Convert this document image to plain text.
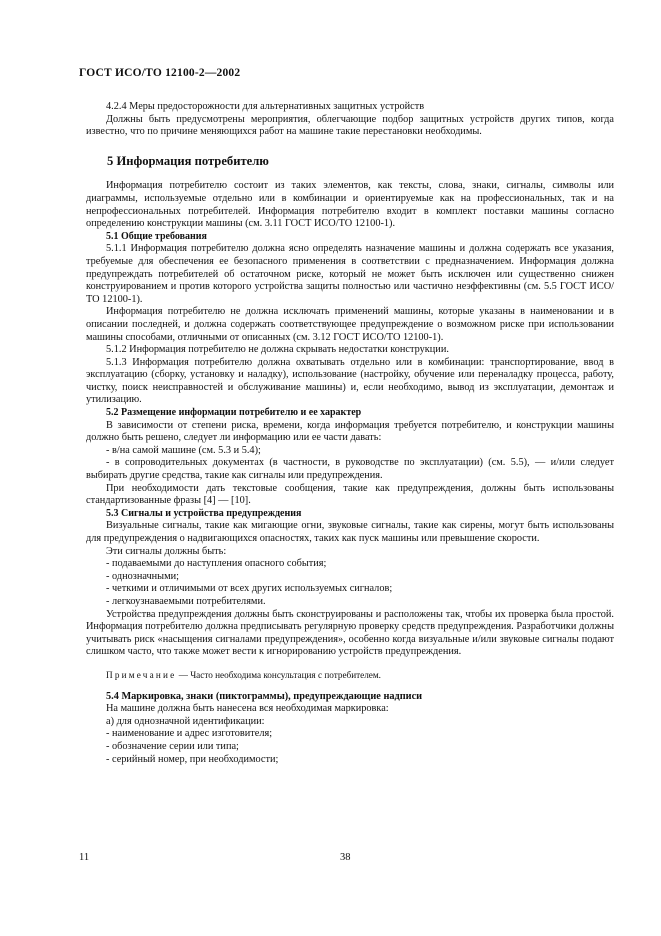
ГОСТ ИСО/ТО 12100-2—2002
4.2.4 Меры предосторожности для альтернативных защитных устройств
Должны быть предусмотрены мероприятия, облегчающие подбор защитных устройств других типов, когда известно, что по причине меняющихся работ на машине такие перестановки необходимы.
5 Информация потребителю
Информация потребителю состоит из таких элементов, как тексты, слова, знаки, сигналы, символы или диаграммы, используемые отдельно или в комбинации и ориентируемые как на профессиональных, так и на непрофессиональных потребителей. Информация потребителю входит в комплект поставки машины согласно определению конструкции машины (см. 3.11 ГОСТ ИСО/ТО 12100-1).
5.1 Общие требования
5.1.1 Информация потребителю должна ясно определять назначение машины и должна содержать все указания, требуемые для обеспечения ее безопасного применения в соответствии с предназначением. Информация должна предупреждать потребителей об остаточном риске, который не может быть исключен или существенно снижен конструированием и против которого устройства защиты полностью или частично неэффективны (см. 5.5 ГОСТ ИСО/ТО 12100-1).
Информация потребителю не должна исключать применений машины, которые указаны в наименовании и в описании последней, и должна содержать соответствующее предупреждение о возможном риске при использовании машины способами, отличными от описанных (см. 3.12 ГОСТ ИСО/ТО 12100-1).
5.1.2 Информация потребителю не должна скрывать недостатки конструкции.
5.1.3 Информация потребителю должна охватывать отдельно или в комбинации: транспортирование, ввод в эксплуатацию (сборку, установку и наладку), использование (настройку, обучение или переналадку процесса, работу, чистку, поиск неисправностей и обслуживание машины) и, если необходимо, вывод из эксплуатации, демонтаж и утилизацию.
5.2 Размещение информации потребителю и ее характер
В зависимости от степени риска, времени, когда информация требуется потребителю, и конструкции машины должно быть решено, следует ли информацию или ее части давать:
- в/на самой машине (см. 5.3 и 5.4);
- в сопроводительных документах (в частности, в руководстве по эксплуатации) (см. 5.5), — и/или следует выбирать другие средства, такие как сигналы или предупреждения.
При необходимости дать текстовые сообщения, такие как предупреждения, должны быть использованы стандартизованные фразы [4] — [10].
5.3 Сигналы и устройства предупреждения
Визуальные сигналы, такие как мигающие огни, звуковые сигналы, такие как сирены, могут быть использованы для предупреждения о надвигающихся опасностях, таких как пуск машины или превышение скорости.
Эти сигналы должны быть:
- подаваемыми до наступления опасного события;
- однозначными;
- четкими и отличимыми от всех других используемых сигналов;
- легкоузнаваемыми потребителями.
Устройства предупреждения должны быть сконструированы и расположены так, чтобы их проверка была простой. Информация потребителю должна предписывать регулярную проверку средств предупреждения. Разработчики должны учитывать риск «насыщения сигналами предупреждения», особенно когда визуальные и/или звуковые сигналы подают слишком часто, что также может вести к игнорированию устройств предупреждения.
Примечание — Часто необходима консультация с потребителем.
5.4 Маркировка, знаки (пиктограммы), предупреждающие надписи
На машине должна быть нанесена вся необходимая маркировка:
а) для однозначной идентификации:
- наименование и адрес изготовителя;
- обозначение серии или типа;
- серийный номер, при необходимости;
11	38
